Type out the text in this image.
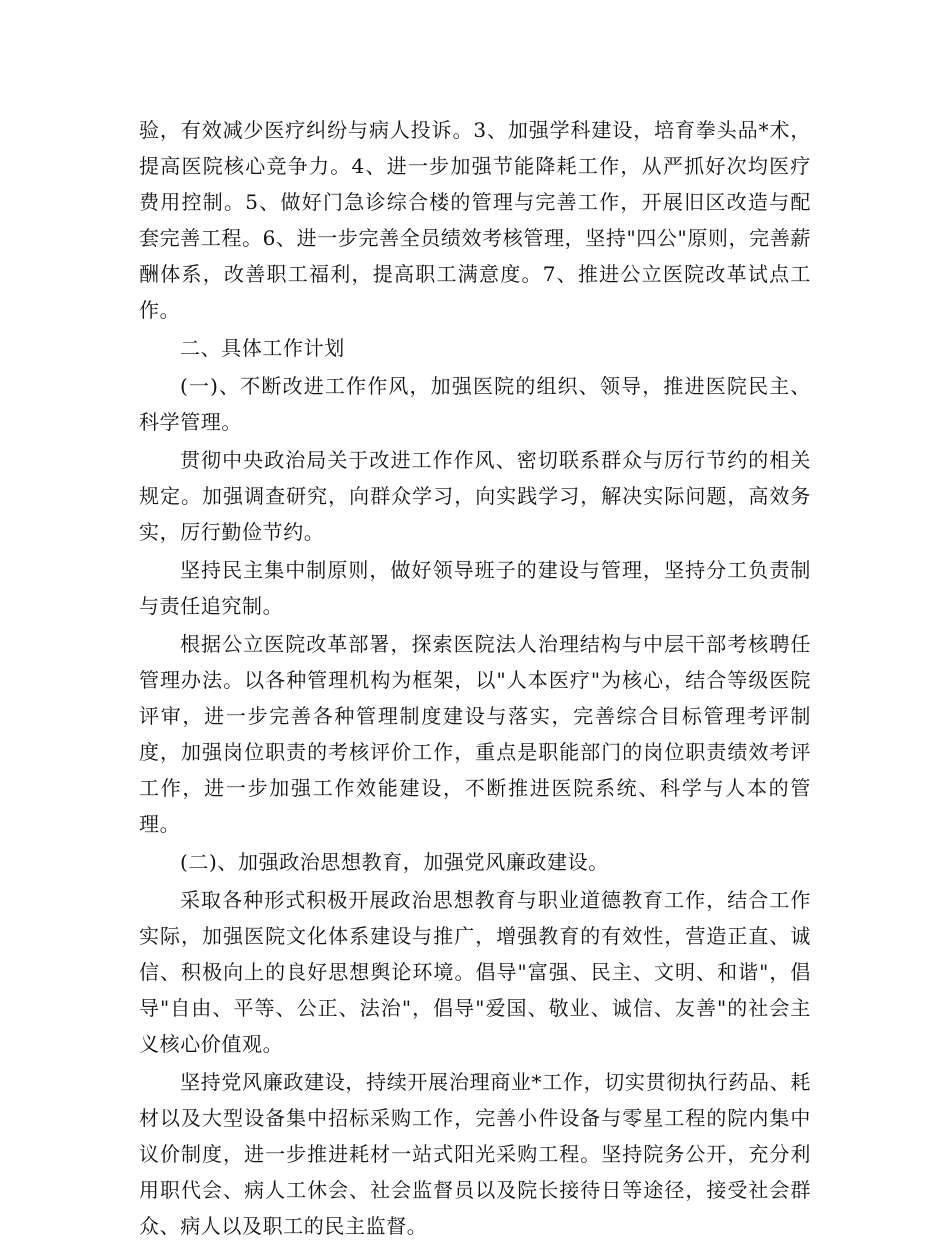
验，有效减少医疗纠纷与病人投诉。3、加强学科建设，培育拳头品*术，提高医院核心竞争力。4、进一步加强节能降耗工作，从严抓好次均医疗费用控制。5、做好门急诊综合楼的管理与完善工作，开展旧区改造与配套完善工程。6、进一步完善全员绩效考核管理，坚持"四公"原则，完善薪酬体系，改善职工福利，提高职工满意度。7、推进公立医院改革试点工作。

二、具体工作计划

(一)、不断改进工作作风，加强医院的组织、领导，推进医院民主、科学管理。

贯彻中央政治局关于改进工作作风、密切联系群众与厉行节约的相关规定。加强调查研究，向群众学习，向实践学习，解决实际问题，高效务实，厉行勤俭节约。

坚持民主集中制原则，做好领导班子的建设与管理，坚持分工负责制与责任追究制。

根据公立医院改革部署，探索医院法人治理结构与中层干部考核聘任管理办法。以各种管理机构为框架，以"人本医疗"为核心，结合等级医院评审，进一步完善各种管理制度建设与落实，完善综合目标管理考评制度，加强岗位职责的考核评价工作，重点是职能部门的岗位职责绩效考评工作，进一步加强工作效能建设，不断推进医院系统、科学与人本的管理。

(二)、加强政治思想教育，加强党风廉政建设。

采取各种形式积极开展政治思想教育与职业道德教育工作，结合工作实际，加强医院文化体系建设与推广，增强教育的有效性，营造正直、诚信、积极向上的良好思想舆论环境。倡导"富强、民主、文明、和谐"，倡导"自由、平等、公正、法治"，倡导"爱国、敬业、诚信、友善"的社会主义核心价值观。

坚持党风廉政建设，持续开展治理商业*工作，切实贯彻执行药品、耗材以及大型设备集中招标采购工作，完善小件设备与零星工程的院内集中议价制度，进一步推进耗材一站式阳光采购工程。坚持院务公开，充分利用职代会、病人工休会、社会监督员以及院长接待日等途径，接受社会群众、病人以及职工的民主监督。
